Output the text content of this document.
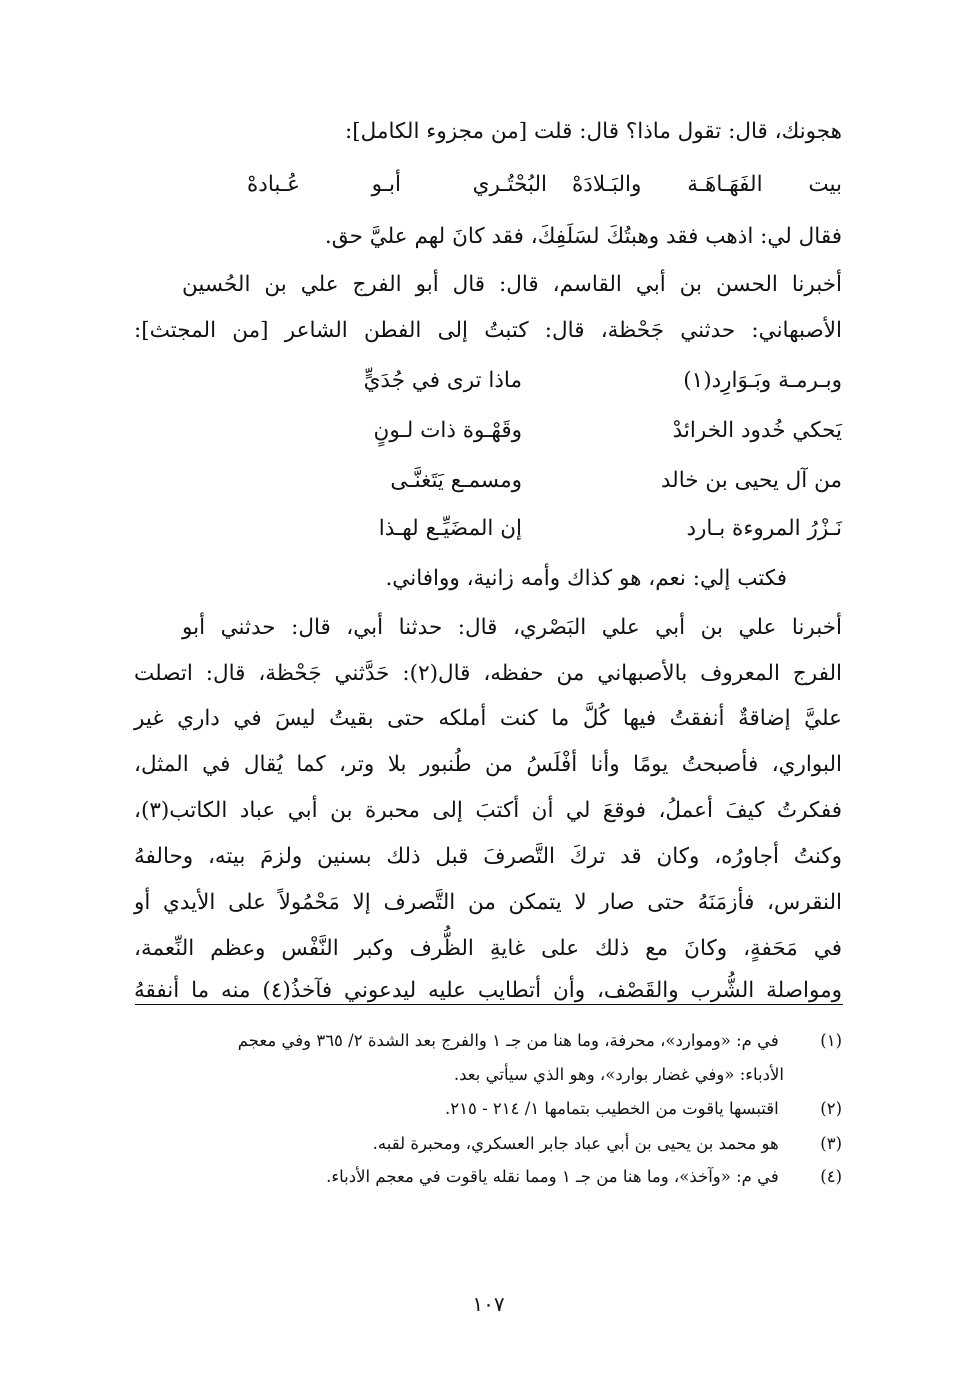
هجونك، قال: تقول ماذا؟ قال: قلت [من مجزوء الكامل]:
بيت الفَهَـاهَـة والبَـلادَهْ
البُحْتُـري أبـو عُـبادهْ
فقال لي: اذهب فقد وهبتُكَ لسَلَفِكَ، فقد كانَ لهم عليَّ حق.
أخبرنا الحسن بن أبي القاسم، قال: قال أبو الفرج علي بن الحُسين
الأصبهاني: حدثني جَحْظة، قال: كتبتُ إلى الفطن الشاعر [من المجتث]:
ماذا ترى في جُدَيٍّ	وبـرمـة وبَـوَارِد(١)
وقَهْـوة ذات لـونٍ	يَحكي خُدود الخرائدْ
ومسمـع يَتَغنَّـى	من آل يحيى بن خالد
إن المضَيِّـع لهـذا	نَـزْرُ المروءة بـارد
فكتب إلي: نعم، هو كذاك وأمه زانية، ووافاني.
أخبرنا علي بن أبي علي البَصْري، قال: حدثنا أبي، قال: حدثني أبو
الفرج المعروف بالأصبهاني من حفظه، قال(٢): حَدَّثني جَحْظة، قال: اتصلت
عليَّ إضاقةٌ أنفقتُ فيها كُلَّ ما كنت أملكه حتى بقيتُ ليسَ في داري غير
البواري، فأصبحتُ يومًا وأنا أفْلَسُ من طُنبور بلا وتر، كما يُقال في المثل،
ففكرتُ كيفَ أعملُ، فوقعَ لي أن أكتبَ إلى محبرة بن أبي عباد الكاتب(٣)،
وكنتُ أجاورُه، وكان قد تركَ التَّصرفَ قبل ذلك بسنين ولزمَ بيته، وحالفهُ
النقرس، فأزمَنَهُ حتى صار لا يتمكن من التَّصرف إلا مَحْمُولاً على الأيدي أو
في مَحَفةٍ، وكانَ مع ذلك على غايةِ الظُّرف وكبر النَّفْس وعظم النِّعمة،
ومواصلة الشُّرب والقَصْف، وأن أتطايب عليه ليدعوني فآخذُ(٤) منه ما أنفقهُ
(١) في م: «وموارد»، محرفة، وما هنا من جـ ١ والفرج بعد الشدة ٢/ ٣٦٥ وفي معجم
الأدباء: «وفي غضار بوارد»، وهو الذي سيأتي بعد.
(٢) اقتبسها ياقوت من الخطيب بتمامها ١/ ٢١٤ - ٢١٥.
(٣) هو محمد بن يحيى بن أبي عباد جابر العسكري، ومحبرة لقبه.
(٤) في م: «وآخذ»، وما هنا من جـ ١ ومما نقله ياقوت في معجم الأدباء.
١٠٧
